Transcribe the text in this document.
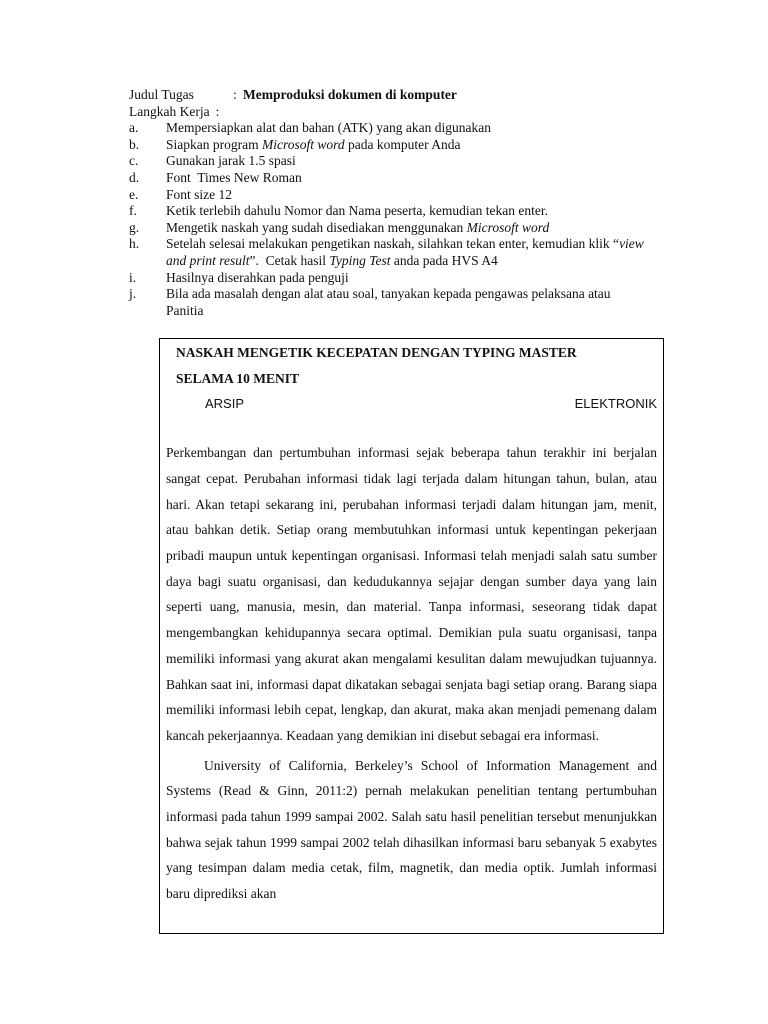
Judul Tugas	: Memproduksi dokumen di komputer
Langkah Kerja :
a.	Mempersiapkan alat dan bahan (ATK) yang akan digunakan
b.	Siapkan program Microsoft word pada komputer Anda
c.	Gunakan jarak 1.5 spasi
d.	Font  Times New Roman
e.	Font size 12
f.	Ketik terlebih dahulu Nomor dan Nama peserta, kemudian tekan enter.
g.	Mengetik naskah yang sudah disediakan menggunakan Microsoft word
h.	Setelah selesai melakukan pengetikan naskah, silahkan tekan enter, kemudian klik “view and print result”.  Cetak hasil Typing Test anda pada HVS A4
i.	Hasilnya diserahkan pada penguji
j.	Bila ada masalah dengan alat atau soal, tanyakan kepada pengawas pelaksana atau Panitia
NASKAH MENGETIK KECEPATAN DENGAN TYPING MASTER
SELAMA 10 MENIT
ARSIP	ELEKTRONIK

Perkembangan dan pertumbuhan informasi sejak beberapa tahun terakhir ini berjalan sangat cepat. Perubahan informasi tidak lagi terjada dalam hitungan tahun, bulan, atau hari. Akan tetapi sekarang ini, perubahan informasi terjadi dalam hitungan jam, menit, atau bahkan detik. Setiap orang membutuhkan informasi untuk kepentingan pekerjaan pribadi maupun untuk kepentingan organisasi. Informasi telah menjadi salah satu sumber daya bagi suatu organisasi, dan kedudukannya sejajar dengan sumber daya yang lain seperti uang, manusia, mesin, dan material. Tanpa informasi, seseorang tidak dapat mengembangkan kehidupannya secara optimal. Demikian pula suatu organisasi, tanpa memiliki informasi yang akurat akan mengalami kesulitan dalam mewujudkan tujuannya. Bahkan saat ini, informasi dapat dikatakan sebagai senjata bagi setiap orang. Barang siapa memiliki informasi lebih cepat, lengkap, dan akurat, maka akan menjadi pemenang dalam kancah pekerjaannya. Keadaan yang demikian ini disebut sebagai era informasi.

University of California, Berkeley’s School of Information Management and Systems (Read & Ginn, 2011:2) pernah melakukan penelitian tentang pertumbuhan informasi pada tahun 1999 sampai 2002. Salah satu hasil penelitian tersebut menunjukkan bahwa sejak tahun 1999 sampai 2002 telah dihasilkan informasi baru sebanyak 5 exabytes yang tesimpan dalam media cetak, film, magnetik, dan media optik. Jumlah informasi baru diprediksi akan
